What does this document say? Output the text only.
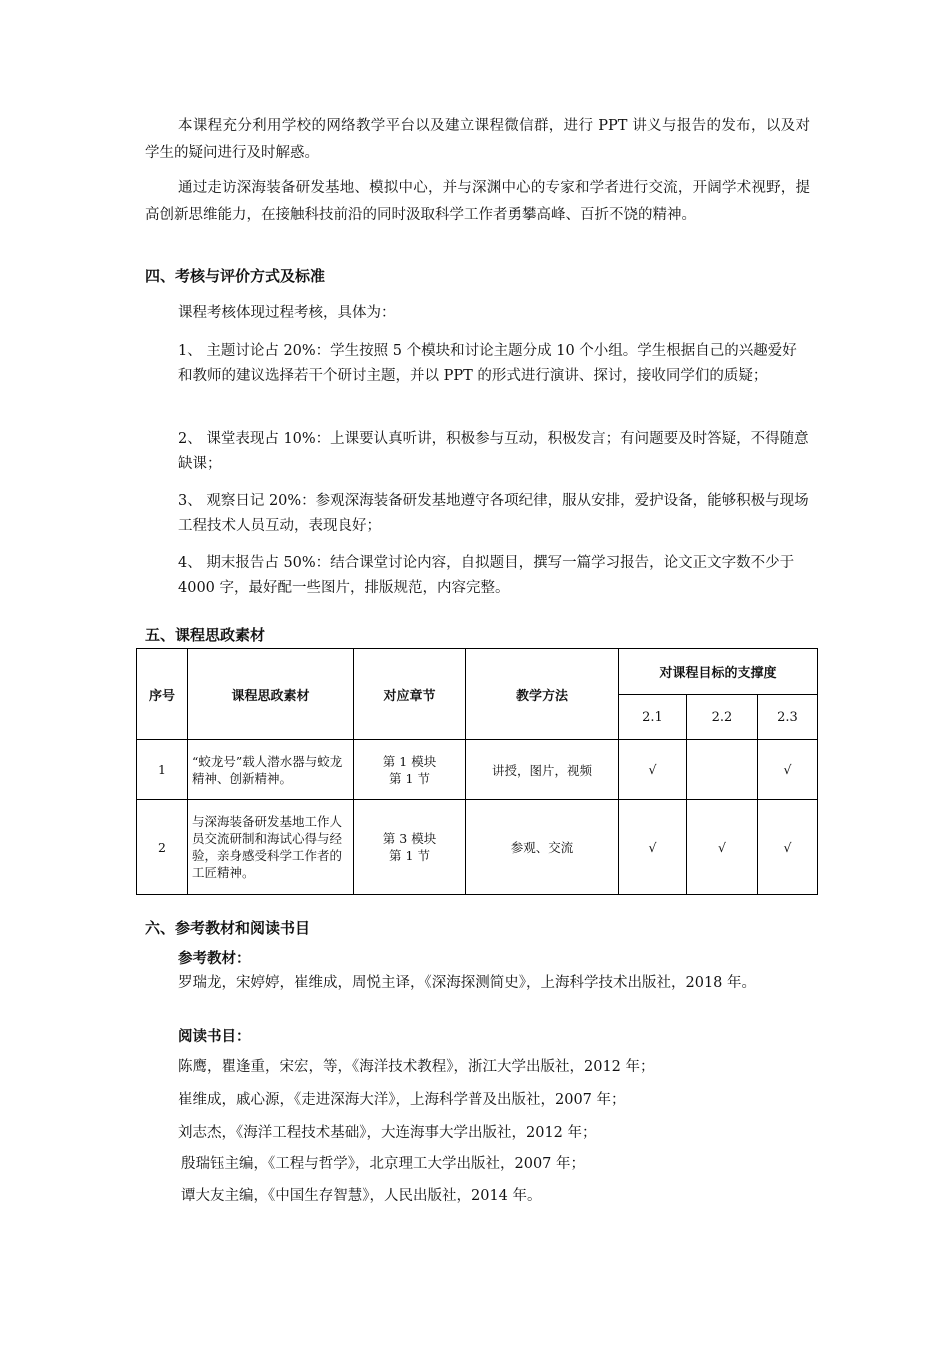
本课程充分利用学校的网络教学平台以及建立课程微信群，进行 PPT 讲义与报告的发布，以及对学生的疑问进行及时解惑。
通过走访深海装备研发基地、模拟中心，并与深渊中心的专家和学者进行交流，开阔学术视野，提高创新思维能力，在接触科技前沿的同时汲取科学工作者勇攀高峰、百折不饶的精神。
四、考核与评价方式及标准
课程考核体现过程考核，具体为：
1、 主题讨论占 20%：学生按照 5 个模块和讨论主题分成 10 个小组。学生根据自己的兴趣爱好和教师的建议选择若干个研讨主题，并以 PPT 的形式进行演讲、探讨，接收同学们的质疑；
2、 课堂表现占 10%：上课要认真听讲，积极参与互动，积极发言；有问题要及时答疑，不得随意缺课；
3、 观察日记 20%：参观深海装备研发基地遵守各项纪律，服从安排，爱护设备，能够积极与现场工程技术人员互动，表现良好；
4、 期末报告占 50%：结合课堂讨论内容，自拟题目，撰写一篇学习报告，论文正文字数不少于 4000 字，最好配一些图片，排版规范，内容完整。
五、课程思政素材
序号	课程思政素材	对应章节	教学方法	对课程目标的支撑度		
				2.1	2.2	2.3
1	“蛟龙号”载人潜水器与蛟龙精神、创新精神。	第 1 模块
第 1 节	讲授，图片，视频	√		√
2	与深海装备研发基地工作人员交流研制和海试心得与经验，亲身感受科学工作者的工匠精神。	第 3 模块
第 1 节	参观、交流	√	√	√
六、参考教材和阅读书目
参考教材：
罗瑞龙，宋婷婷，崔维成，周悦主译，《深海探测简史》，上海科学技术出版社，2018 年。
阅读书目：
陈鹰，瞿逢重，宋宏，等，《海洋技术教程》，浙江大学出版社，2012 年；
崔维成，戚心源，《走进深海大洋》，上海科学普及出版社，2007 年；
刘志杰，《海洋工程技术基础》，大连海事大学出版社，2012 年；
殷瑞钰主编，《工程与哲学》，北京理工大学出版社，2007 年；
谭大友主编，《中国生存智慧》，人民出版社，2014 年。
